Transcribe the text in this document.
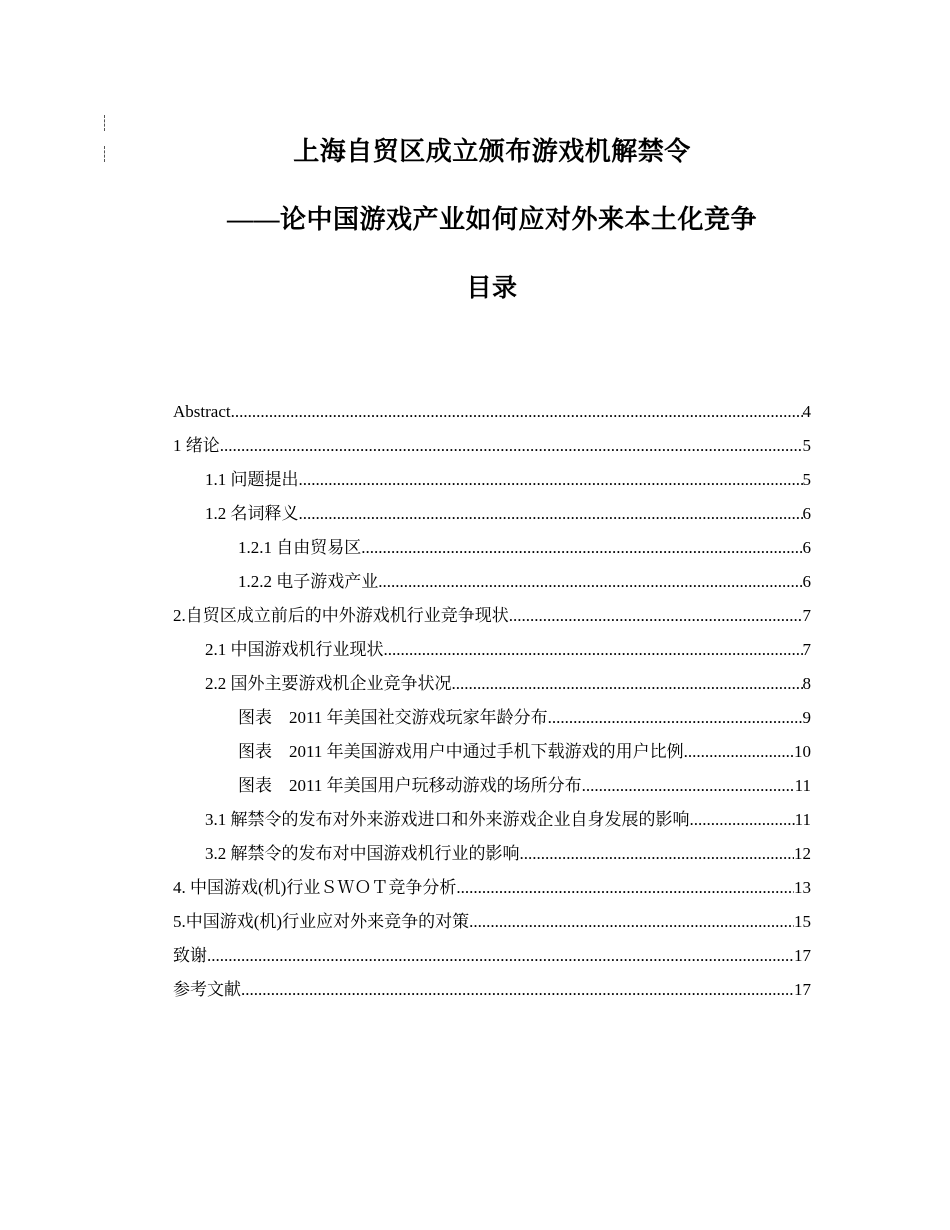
上海自贸区成立颁布游戏机解禁令
——论中国游戏产业如何应对外来本土化竞争
目录
Abstract .....	4
1 绪论 .....	5
1.1 问题提出 .....	5
1.2 名词释义 .....	6
1.2.1 自由贸易区 .....	6
1.2.2 电子游戏产业 .....	6
2.自贸区成立前后的中外游戏机行业竞争现状 .....	7
2.1 中国游戏机行业现状 .....	7
2.2 国外主要游戏机企业竞争状况 .....	8
图表　2011 年美国社交游戏玩家年龄分布 .....	9
图表　2011 年美国游戏用户中通过手机下载游戏的用户比例 .....	10
图表　2011 年美国用户玩移动游戏的场所分布 .....	11
3.1 解禁令的发布对外来游戏进口和外来游戏企业自身发展的影响 .....	11
3.2 解禁令的发布对中国游戏机行业的影响 .....	12
4. 中国游戏(机)行业ＳＷＯＴ竞争分析 .....	13
5.中国游戏(机)行业应对外来竞争的对策 .....	15
致谢 .....	17
参考文献 .....	17
